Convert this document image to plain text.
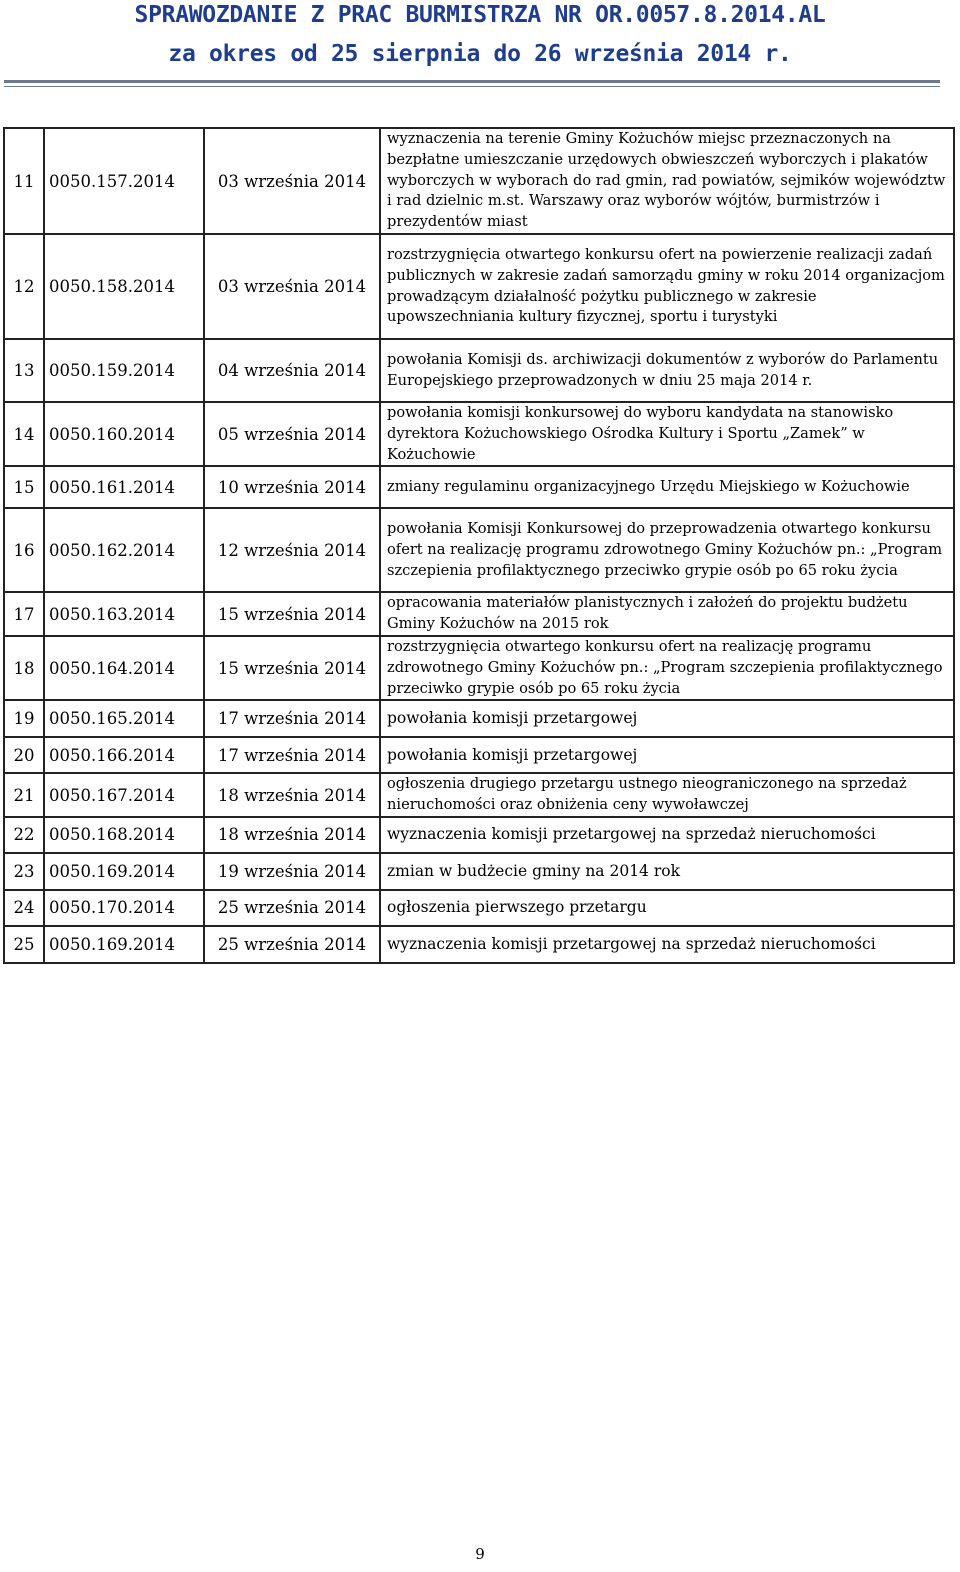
SPRAWOZDANIE Z PRAC BURMISTRZA NR OR.0057.8.2014.AL
za okres od 25 sierpnia do 26 września 2014 r.
11	0050.157.2014	03 września 2014	wyznaczenia na terenie Gminy Kożuchów miejsc przeznaczonych na bezpłatne umieszczanie urzędowych obwieszczeń wyborczych i plakatów wyborczych w wyborach do rad gmin, rad powiatów, sejmików województw i rad dzielnic m.st. Warszawy oraz wyborów wójtów, burmistrzów i prezydentów miast
12	0050.158.2014	03 września 2014	rozstrzygnięcia otwartego konkursu ofert na powierzenie realizacji zadań publicznych w zakresie zadań samorządu gminy w roku 2014 organizacjom prowadzącym działalność pożytku publicznego w zakresie upowszechniania kultury fizycznej, sportu i turystyki
13	0050.159.2014	04 września 2014	powołania Komisji ds. archiwizacji dokumentów z wyborów do Parlamentu Europejskiego przeprowadzonych w dniu 25 maja 2014 r.
14	0050.160.2014	05 września 2014	powołania komisji konkursowej do wyboru kandydata na stanowisko dyrektora Kożuchowskiego Ośrodka Kultury i Sportu „Zamek” w Kożuchowie
15	0050.161.2014	10 września 2014	zmiany regulaminu organizacyjnego Urzędu Miejskiego w Kożuchowie
16	0050.162.2014	12 września 2014	powołania Komisji Konkursowej do przeprowadzenia otwartego konkursu ofert na realizację programu zdrowotnego Gminy Kożuchów pn.: „Program szczepienia profilaktycznego przeciwko grypie osób po 65 roku życia
17	0050.163.2014	15 września 2014	opracowania materiałów planistycznych i założeń do projektu budżetu Gminy Kożuchów na 2015 rok
18	0050.164.2014	15 września 2014	rozstrzygnięcia otwartego konkursu ofert na realizację programu zdrowotnego Gminy Kożuchów pn.: „Program szczepienia profilaktycznego przeciwko grypie osób po 65 roku życia
19	0050.165.2014	17 września 2014	powołania komisji przetargowej
20	0050.166.2014	17 września 2014	powołania komisji przetargowej
21	0050.167.2014	18 września 2014	ogłoszenia drugiego przetargu ustnego nieograniczonego na sprzedaż nieruchomości oraz obniżenia ceny wywoławczej
22	0050.168.2014	18 września 2014	wyznaczenia komisji przetargowej na sprzedaż nieruchomości
23	0050.169.2014	19 września 2014	zmian w budżecie gminy na 2014 rok
24	0050.170.2014	25 września 2014	ogłoszenia pierwszego przetargu
25	0050.169.2014	25 września 2014	wyznaczenia komisji przetargowej na sprzedaż nieruchomości
9
